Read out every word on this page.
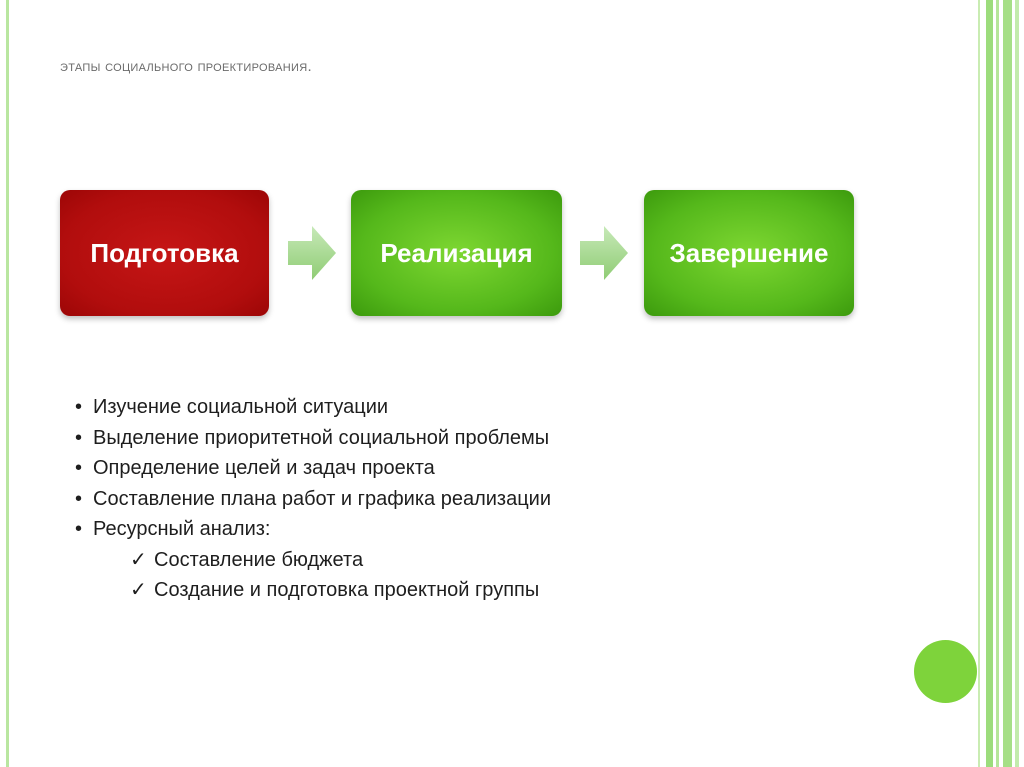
этапы социального проектирования.
Подготовка	Реализация	Завершение
• Изучение социальной ситуации
• Выделение приоритетной социальной проблемы
• Определение целей и задач проекта
• Составление плана работ и графика реализации
• Ресурсный анализ:
✓ Составление бюджета
✓ Создание и подготовка проектной группы
